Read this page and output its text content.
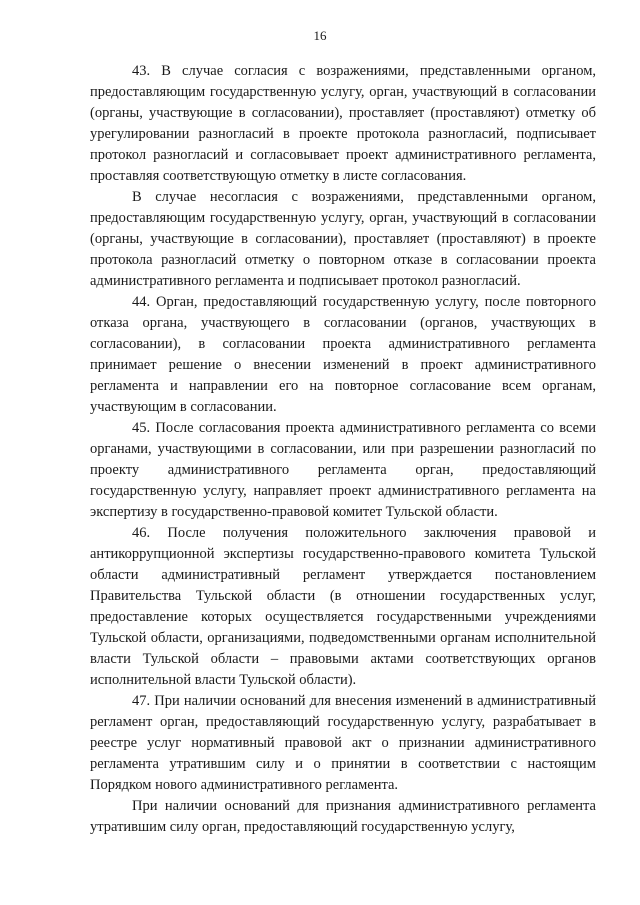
16

43. В случае согласия с возражениями, представленными органом, предоставляющим государственную услугу, орган, участвующий в согласовании (органы, участвующие в согласовании), проставляет (проставляют) отметку об урегулировании разногласий в проекте протокола разногласий, подписывает протокол разногласий и согласовывает проект административного регламента, проставляя соответствующую отметку в листе согласования.

В случае несогласия с возражениями, представленными органом, предоставляющим государственную услугу, орган, участвующий в согласовании (органы, участвующие в согласовании), проставляет (проставляют) в проекте протокола разногласий отметку о повторном отказе в согласовании проекта административного регламента и подписывает протокол разногласий.

44. Орган, предоставляющий государственную услугу, после повторного отказа органа, участвующего в согласовании (органов, участвующих в согласовании), в согласовании проекта административного регламента принимает решение о внесении изменений в проект административного регламента и направлении его на повторное согласование всем органам, участвующим в согласовании.

45. После согласования проекта административного регламента со всеми органами, участвующими в согласовании, или при разрешении разногласий по проекту административного регламента орган, предоставляющий государственную услугу, направляет проект административного регламента на экспертизу в государственно-правовой комитет Тульской области.

46. После получения положительного заключения правовой и антикоррупционной экспертизы государственно-правового комитета Тульской области административный регламент утверждается постановлением Правительства Тульской области (в отношении государственных услуг, предоставление которых осуществляется государственными учреждениями Тульской области, организациями, подведомственными органам исполнительной власти Тульской области – правовыми актами соответствующих органов исполнительной власти Тульской области).

47. При наличии оснований для внесения изменений в административный регламент орган, предоставляющий государственную услугу, разрабатывает в реестре услуг нормативный правовой акт о признании административного регламента утратившим силу и о принятии в соответствии с настоящим Порядком нового административного регламента.

При наличии оснований для признания административного регламента утратившим силу орган, предоставляющий государственную услугу,
